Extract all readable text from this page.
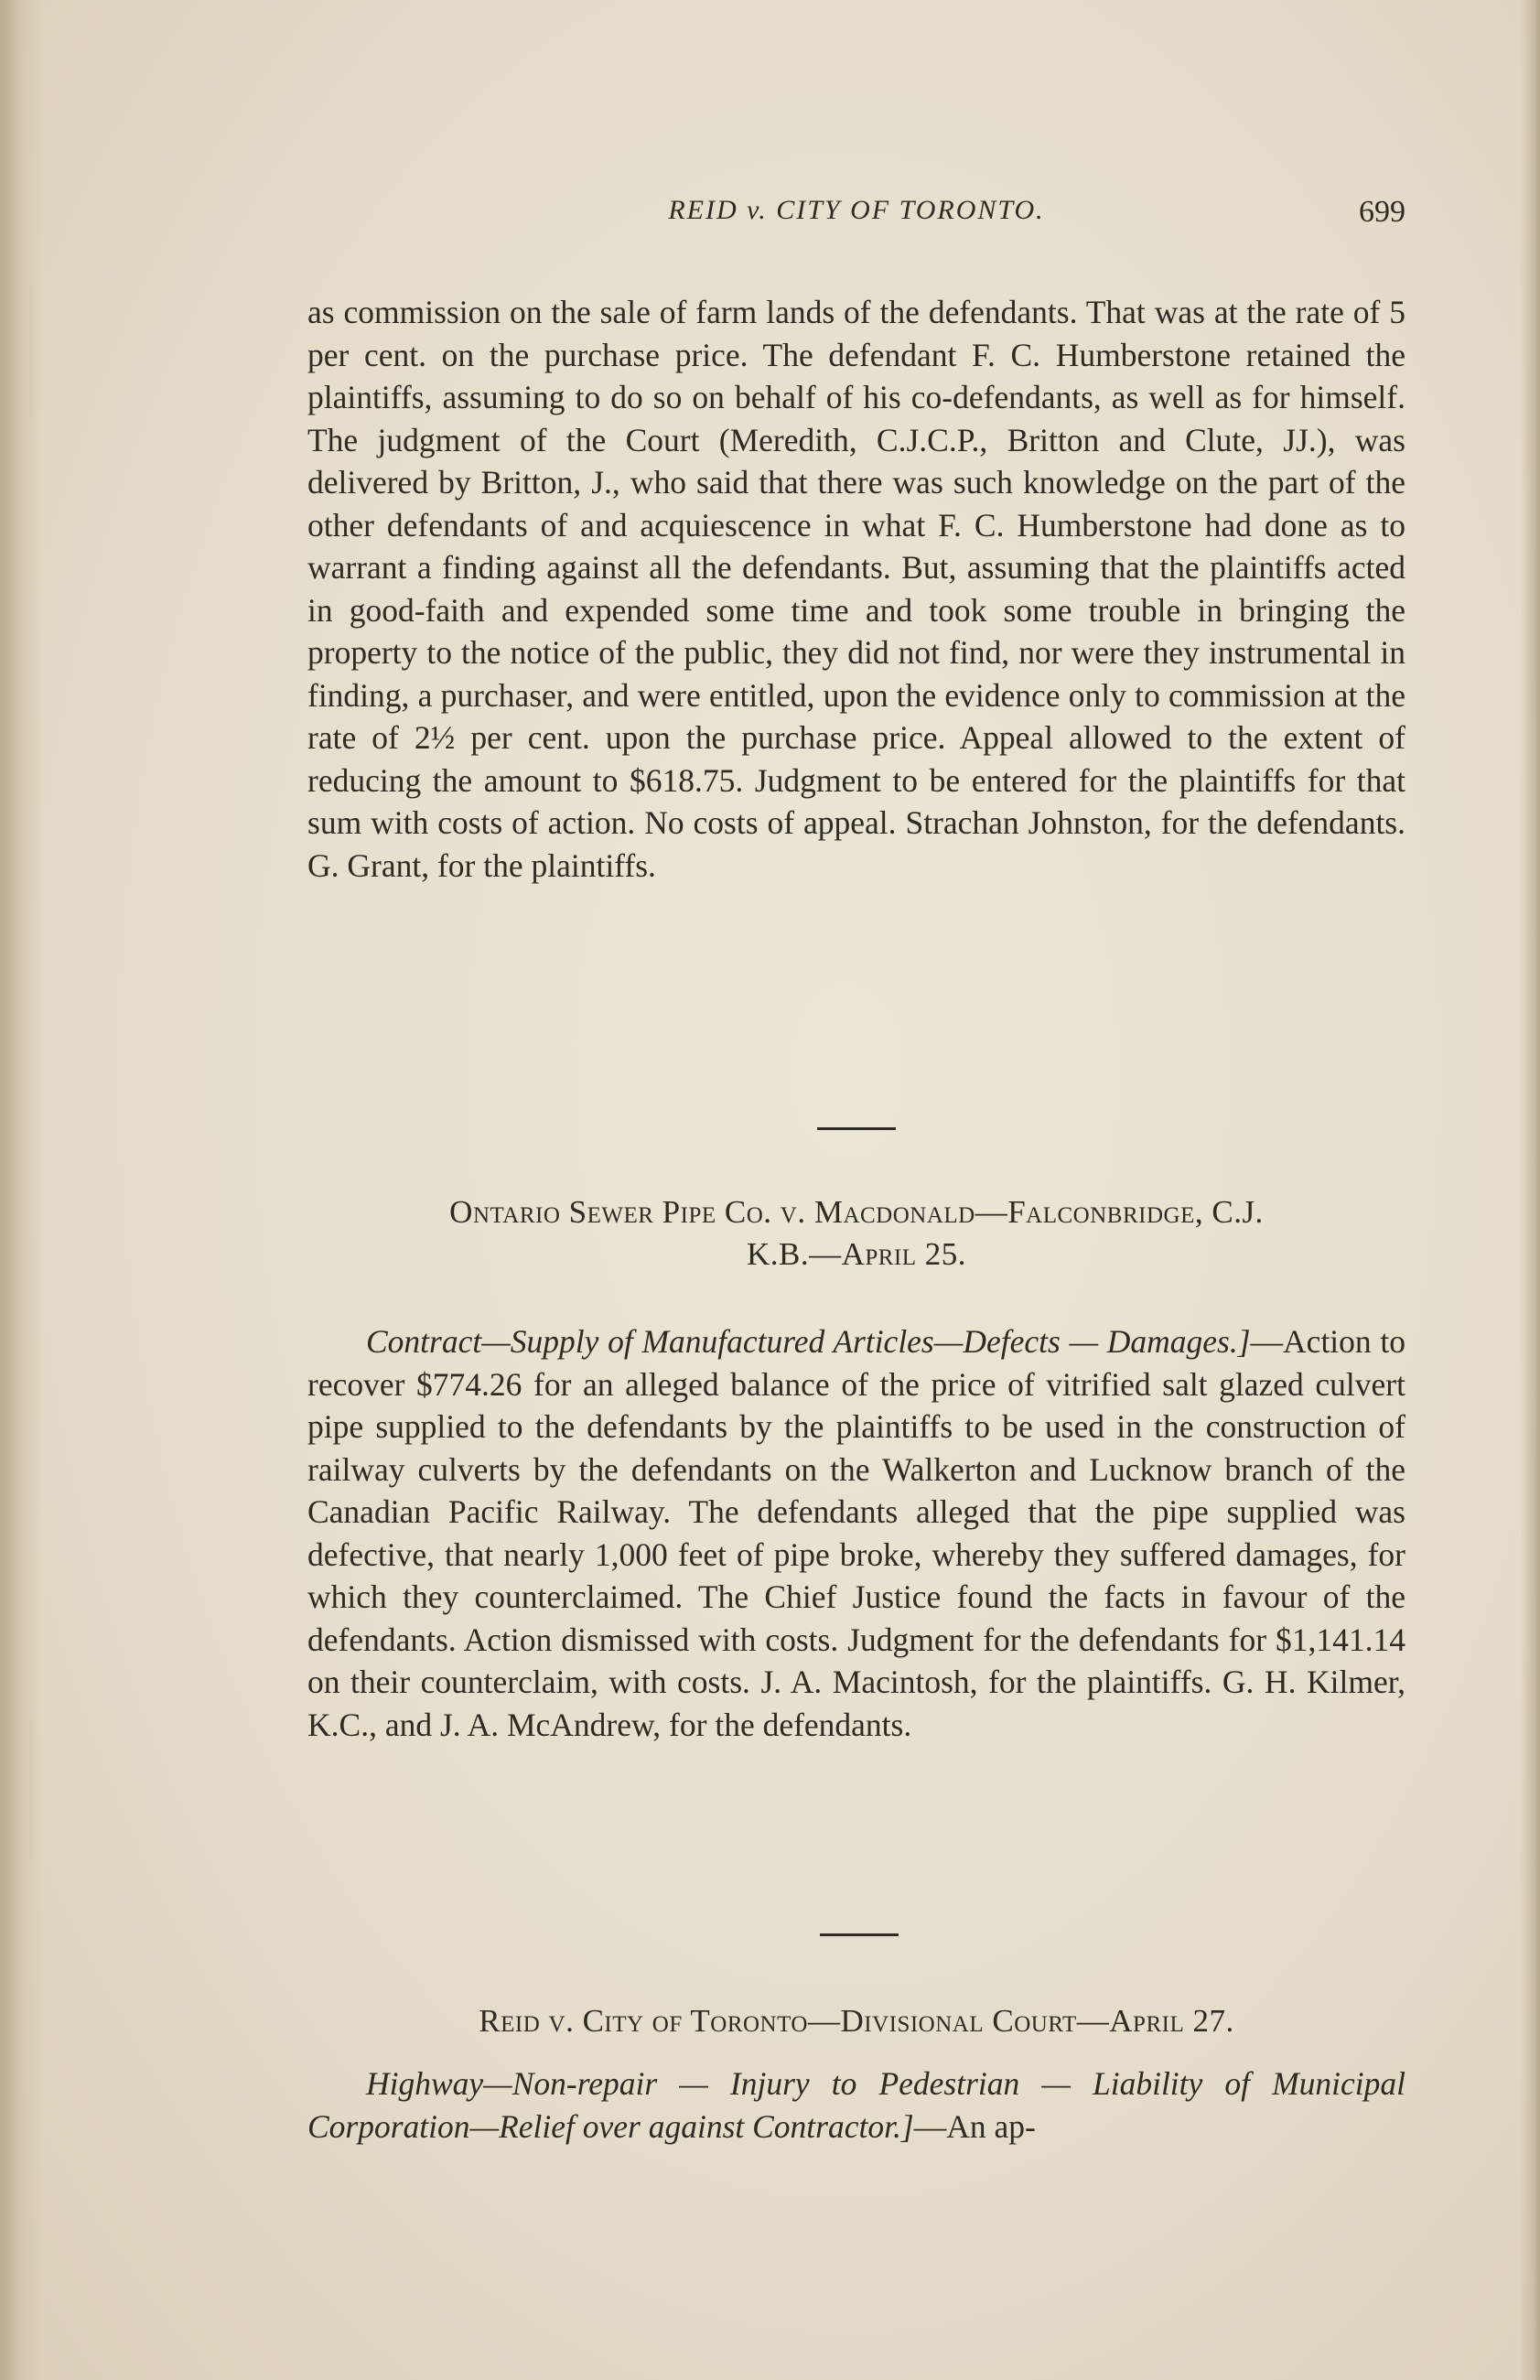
REID v. CITY OF TORONTO.	699

as commission on the sale of farm lands of the defendants. That was at the rate of 5 per cent. on the purchase price. The defendant F. C. Humberstone retained the plaintiffs, assuming to do so on behalf of his co-defendants, as well as for himself. The judgment of the Court (Meredith, C.J.C.P., Britton and Clute, JJ.), was delivered by Britton, J., who said that there was such knowledge on the part of the other defendants of and acquiescence in what F. C. Humberstone had done as to warrant a finding against all the defendants. But, assuming that the plaintiffs acted in good-faith and expended some time and took some trouble in bringing the property to the notice of the public, they did not find, nor were they instrumental in finding, a purchaser, and were entitled, upon the evidence only to commission at the rate of 2½ per cent. upon the purchase price. Appeal allowed to the extent of reducing the amount to $618.75. Judgment to be entered for the plaintiffs for that sum with costs of action. No costs of appeal. Strachan Johnston, for the defendants. G. Grant, for the plaintiffs.

Ontario Sewer Pipe Co. v. Macdonald—Falconbridge, C.J.
K.B.—April 25.

Contract—Supply of Manufactured Articles—Defects — Damages.]—Action to recover $774.26 for an alleged balance of the price of vitrified salt glazed culvert pipe supplied to the defendants by the plaintiffs to be used in the construction of railway culverts by the defendants on the Walkerton and Lucknow branch of the Canadian Pacific Railway. The defendants alleged that the pipe supplied was defective, that nearly 1,000 feet of pipe broke, whereby they suffered damages, for which they counterclaimed. The Chief Justice found the facts in favour of the defendants. Action dismissed with costs. Judgment for the defendants for $1,141.14 on their counterclaim, with costs. J. A. Macintosh, for the plaintiffs. G. H. Kilmer, K.C., and J. A. McAndrew, for the defendants.

Reid v. City of Toronto—Divisional Court—April 27.

Highway—Non-repair — Injury to Pedestrian — Liability of Municipal Corporation—Relief over against Contractor.]—An ap-
